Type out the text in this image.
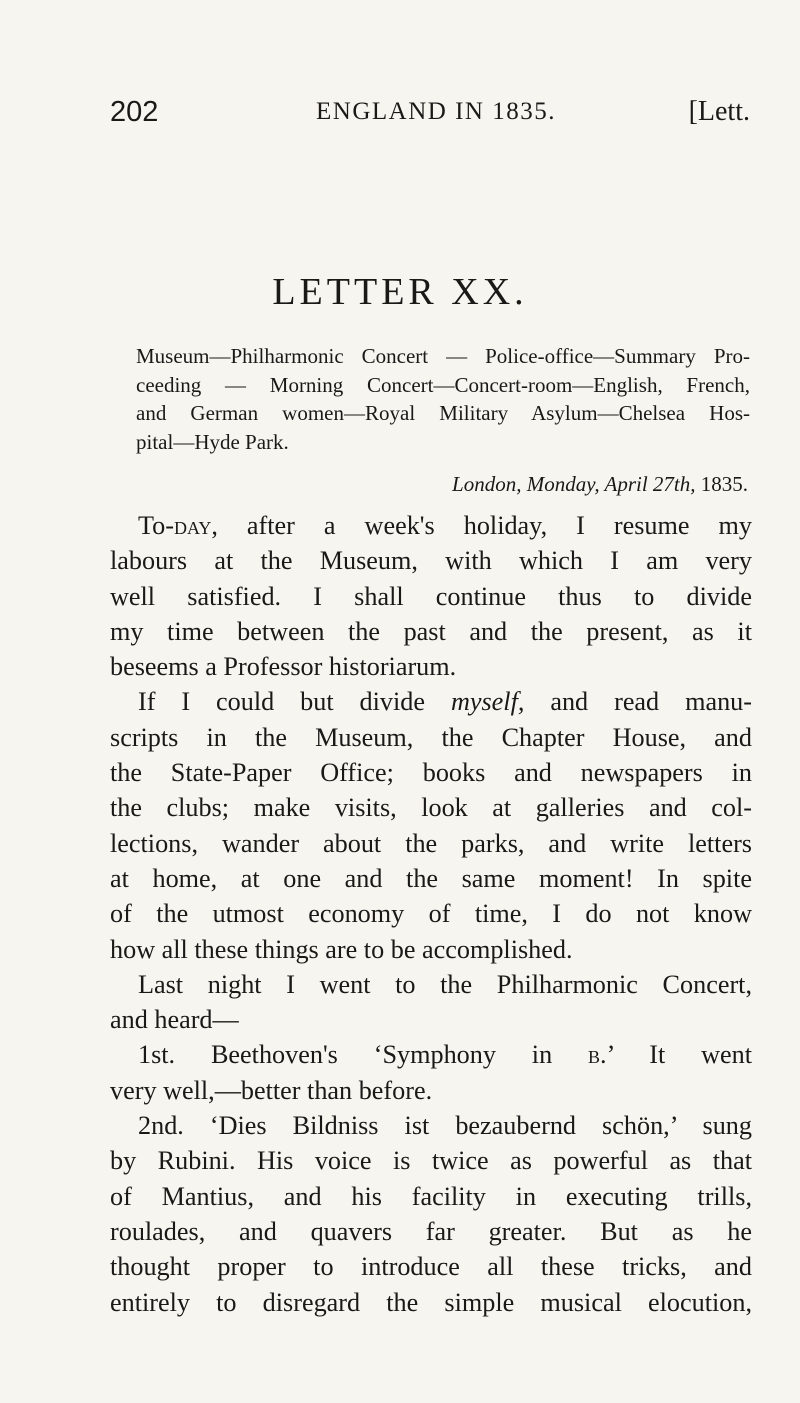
202	ENGLAND IN 1835.	[Lett.
LETTER XX.
Museum—Philharmonic Concert — Police-office—Summary Pro-
ceeding — Morning Concert—Concert-room—English, French,
and German women—Royal Military Asylum—Chelsea Hos-
pital—Hyde Park.
London, Monday, April 27th, 1835.
To-day, after a week's holiday, I resume my
labours at the Museum, with which I am very
well satisfied. I shall continue thus to divide
my time between the past and the present, as it
beseems a Professor historiarum.
If I could but divide myself, and read manu-
scripts in the Museum, the Chapter House, and
the State-Paper Office; books and newspapers in
the clubs; make visits, look at galleries and col-
lections, wander about the parks, and write letters
at home, at one and the same moment! In spite
of the utmost economy of time, I do not know
how all these things are to be accomplished.
Last night I went to the Philharmonic Concert,
and heard—
1st. Beethoven's ‘Symphony in b.’ It went
very well,—better than before.
2nd. ‘Dies Bildniss ist bezaubernd schön,’ sung
by Rubini. His voice is twice as powerful as that
of Mantius, and his facility in executing trills,
roulades, and quavers far greater. But as he
thought proper to introduce all these tricks, and
entirely to disregard the simple musical elocution,
